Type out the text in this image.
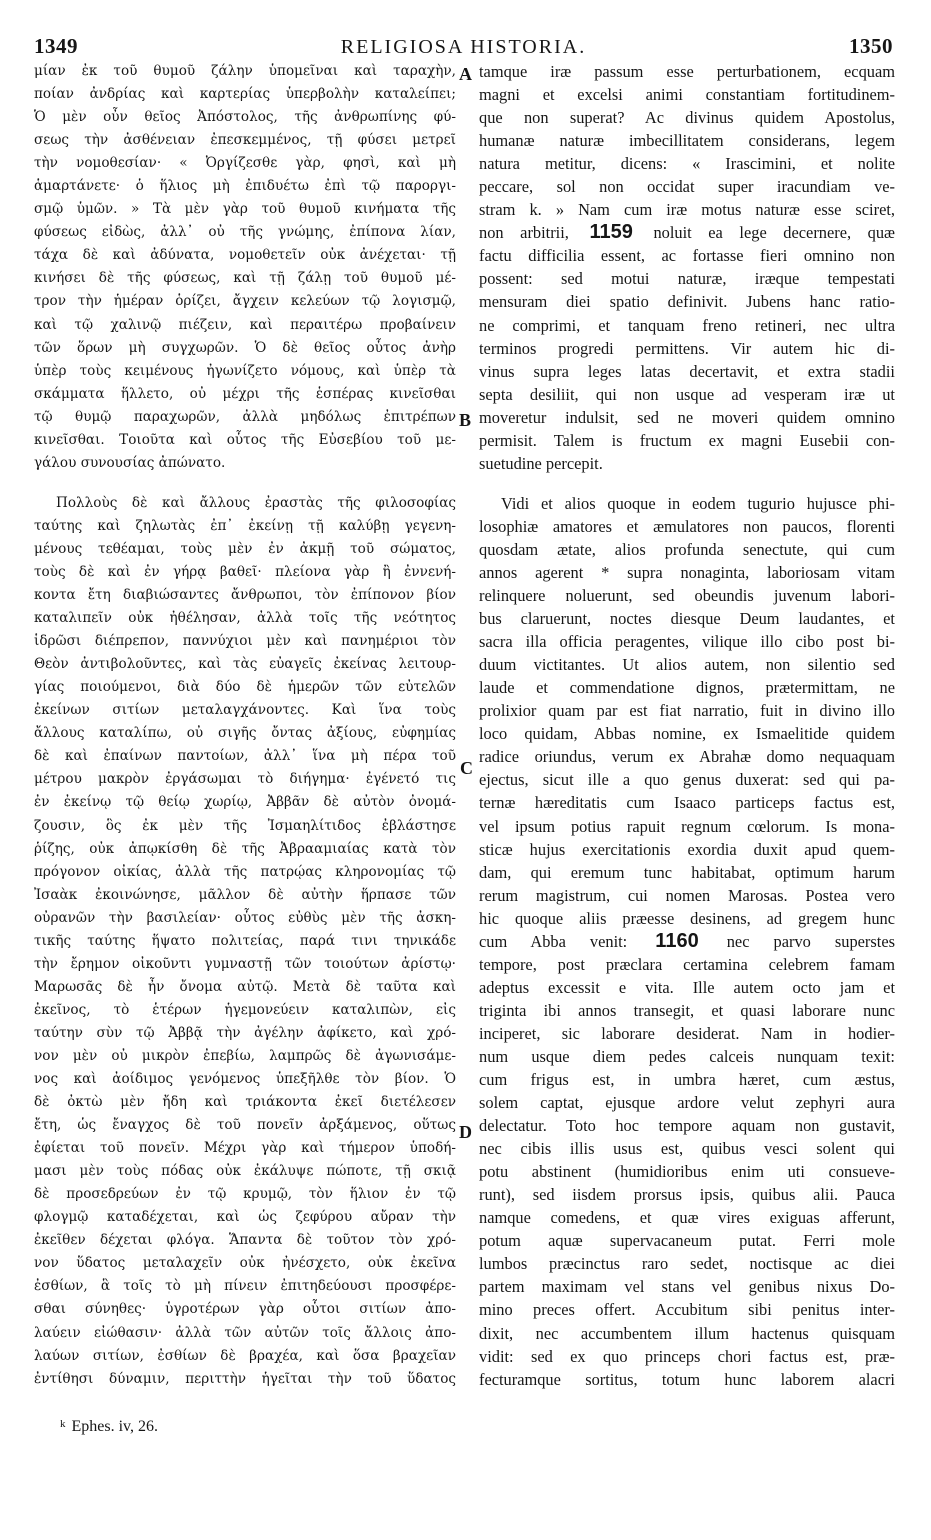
1349	RELIGIOSA HISTORIA.	1350
A
B
C
D
μίαν ἐκ τοῦ θυμοῦ ζάλην ὑπομεῖναι καὶ ταραχὴν,
ποίαν ἀνδρίας καὶ καρτερίας ὑπερβολὴν καταλείπει;
Ὁ μὲν οὖν θεῖος Ἀπόστολος, τῆς ἀνθρωπίνης φύ-
σεως τὴν ἀσθένειαν ἐπεσκεμμένος, τῇ φύσει μετρεῖ
τὴν νομοθεσίαν· « Ὀργίζεσθε γὰρ, φησὶ, καὶ μὴ
ἁμαρτάνετε· ὁ ἥλιος μὴ ἐπιδυέτω ἐπὶ τῷ παροργι-
σμῷ ὑμῶν. » Τὰ μὲν γὰρ τοῦ θυμοῦ κινήματα τῆς
φύσεως εἰδὼς, ἀλλ᾽ οὐ τῆς γνώμης, ἐπίπονα λίαν,
τάχα δὲ καὶ ἀδύνατα, νομοθετεῖν οὐκ ἀνέχεται· τῇ
κινήσει δὲ τῆς φύσεως, καὶ τῇ ζάλῃ τοῦ θυμοῦ μέ-
τρον τὴν ἡμέραν ὁρίζει, ἄγχειν κελεύων τῷ λογισμῷ,
καὶ τῷ χαλινῷ πιέζειν, καὶ περαιτέρω προβαίνειν
τῶν ὅρων μὴ συγχωρῶν. Ὁ δὲ θεῖος οὗτος ἀνὴρ
ὑπὲρ τοὺς κειμένους ἠγωνίζετο νόμους, καὶ ὑπὲρ τὰ
σκάμματα ἥλλετο, οὐ μέχρι τῆς ἑσπέρας κινεῖσθαι
τῷ θυμῷ παραχωρῶν, ἀλλὰ μηδόλως ἐπιτρέπων
κινεῖσθαι. Τοιοῦτα καὶ οὗτος τῆς Εὐσεβίου τοῦ με-
γάλου συνουσίας ἀπώνατο.
Πολλοὺς δὲ καὶ ἄλλους ἐραστὰς τῆς φιλοσοφίας
ταύτης καὶ ζηλωτὰς ἐπ᾽ ἐκείνῃ τῇ καλύβῃ γεγενη-
μένους τεθέαμαι, τοὺς μὲν ἐν ἀκμῇ τοῦ σώματος,
τοὺς δὲ καὶ ἐν γήρᾳ βαθεῖ· πλείονα γὰρ ἢ ἐννενή-
κοντα ἔτη διαβιώσαντες ἄνθρωποι, τὸν ἐπίπονον βίον
καταλιπεῖν οὐκ ἠθέλησαν, ἀλλὰ τοῖς τῆς νεότητος
ἱδρῶσι διέπρεπον, παννύχιοι μὲν καὶ πανημέριοι τὸν
Θεὸν ἀντιβολοῦντες, καὶ τὰς εὐαγεῖς ἐκείνας λειτουρ-
γίας ποιούμενοι, διὰ δύο δὲ ἡμερῶν τῶν εὐτελῶν
ἐκείνων σιτίων μεταλαγχάνοντες. Καὶ ἵνα τοὺς
ἄλλους καταλίπω, οὐ σιγῆς ὄντας ἀξίους, εὐφημίας
δὲ καὶ ἐπαίνων παντοίων, ἀλλ᾽ ἵνα μὴ πέρα τοῦ
μέτρου μακρὸν ἐργάσωμαι τὸ διήγημα· ἐγένετό τις
ἐν ἐκείνῳ τῷ θείῳ χωρίῳ, Ἀββᾶν δὲ αὐτὸν ὀνομά-
ζουσιν, ὃς ἐκ μὲν τῆς Ἰσμαηλίτιδος ἐβλάστησε
ῥίζης, οὐκ ἀπῳκίσθη δὲ τῆς Ἀβρααμιαίας κατὰ τὸν
πρόγονον οἰκίας, ἀλλὰ τῆς πατρῴας κληρονομίας τῷ
Ἰσαὰκ ἐκοινώνησε, μᾶλλον δὲ αὐτὴν ἥρπασε τῶν
οὐρανῶν τὴν βασιλείαν· οὗτος εὐθὺς μὲν τῆς ἀσκη-
τικῆς ταύτης ἥψατο πολιτείας, παρά τινι τηνικάδε
τὴν ἔρημον οἰκοῦντι γυμναστῇ τῶν τοιούτων ἀρίστῳ·
Μαρωσᾶς δὲ ἦν ὄνομα αὐτῷ. Μετὰ δὲ ταῦτα καὶ
ἐκεῖνος, τὸ ἑτέρων ἡγεμονεύειν καταλιπὼν, εἰς
ταύτην σὺν τῷ Ἀββᾷ τὴν ἀγέλην ἀφίκετο, καὶ χρό-
νον μὲν οὐ μικρὸν ἐπεβίω, λαμπρῶς δὲ ἀγωνισάμε-
νος καὶ ἀοίδιμος γενόμενος ὑπεξῆλθε τὸν βίον. Ὁ
δὲ ὀκτὼ μὲν ἤδη καὶ τριάκοντα ἐκεῖ διετέλεσεν
ἔτη, ὡς ἔναγχος δὲ τοῦ πονεῖν ἀρξάμενος, οὕτως
ἐφίεται τοῦ πονεῖν. Μέχρι γὰρ καὶ τήμερον ὑποδή-
μασι μὲν τοὺς πόδας οὐκ ἐκάλυψε πώποτε, τῇ σκιᾷ
δὲ προσεδρεύων ἐν τῷ κρυμῷ, τὸν ἥλιον ἐν τῷ
φλογμῷ καταδέχεται, καὶ ὡς ζεφύρου αὔραν τὴν
ἐκεῖθεν δέχεται φλόγα. Ἅπαντα δὲ τοῦτον τὸν χρό-
νον ὕδατος μεταλαχεῖν οὐκ ἠνέσχετο, οὐκ ἐκεῖνα
ἐσθίων, ἃ τοῖς τὸ μὴ πίνειν ἐπιτηδεύουσι προσφέρε-
σθαι σύνηθες· ὑγροτέρων γὰρ οὗτοι σιτίων ἀπο-
λαύειν εἰώθασιν· ἀλλὰ τῶν αὐτῶν τοῖς ἄλλοις ἀπο-
λαύων σιτίων, ἐσθίων δὲ βραχέα, καὶ ὅσα βραχεῖαν
ἐντίθησι δύναμιν, περιττὴν ἡγεῖται τὴν τοῦ ὕδατος
tamque iræ passum esse perturbationem, ecquam
magni et excelsi animi constantiam fortitudinem-
que non superat? Ac divinus quidem Apostolus,
humanæ naturæ imbecillitatem considerans, legem
natura metitur, dicens: « Irascimini, et nolite
peccare, sol non occidat super iracundiam ve-
stram k. » Nam cum iræ motus naturæ esse sciret,
non arbitrii, 1159 noluit ea lege decernere, quæ
factu difficilia essent, ac fortasse fieri omnino non
possent: sed motui naturæ, iræque tempestati
mensuram diei spatio definivit. Jubens hanc ratio-
ne comprimi, et tanquam freno retineri, nec ultra
terminos progredi permittens. Vir autem hic di-
vinus supra leges latas decertavit, et extra stadii
septa desiliit, qui non usque ad vesperam iræ ut
moveretur indulsit, sed ne moveri quidem omnino
permisit. Talem is fructum ex magni Eusebii con-
suetudine percepit.
Vidi et alios quoque in eodem tugurio hujusce phi-
losophiæ amatores et æmulatores non paucos, florenti
quosdam ætate, alios profunda senectute, qui cum
annos agerent * supra nonaginta, laboriosam vitam
relinquere noluerunt, sed obeundis juvenum labori-
bus claruerunt, noctes diesque Deum laudantes, et
sacra illa officia peragentes, vilique illo cibo post bi-
duum victitantes. Ut alios autem, non silentio sed
laude et commendatione dignos, prætermittam, ne
prolixior quam par est fiat narratio, fuit in divino illo
loco quidam, Abbas nomine, ex Ismaelitide quidem
radice oriundus, verum ex Abrahæ domo nequaquam
ejectus, sicut ille a quo genus duxerat: sed qui pa-
ternæ hæreditatis cum Isaaco particeps factus est,
vel ipsum potius rapuit regnum cœlorum. Is mona-
sticæ hujus exercitationis exordia duxit apud quem-
dam, qui eremum tunc habitabat, optimum harum
rerum magistrum, cui nomen Marosas. Postea vero
hic quoque aliis præesse desinens, ad gregem hunc
cum Abba venit: 1160 nec parvo superstes
tempore, post præclara certamina celebrem famam
adeptus excessit e vita. Ille autem octo jam et
triginta ibi annos transegit, et quasi laborare nunc
inciperet, sic laborare desiderat. Nam in hodier-
num usque diem pedes calceis nunquam texit:
cum frigus est, in umbra hæret, cum æstus,
solem captat, ejusque ardore velut zephyri aura
delectatur. Toto hoc tempore aquam non gustavit,
nec cibis illis usus est, quibus vesci solent qui
potu abstinent (humidioribus enim uti consueve-
runt), sed iisdem prorsus ipsis, quibus alii. Pauca
namque comedens, et quæ vires exiguas afferunt,
potum aquæ supervacaneum putat. Ferri mole
lumbos præcinctus raro sedet, noctisque ac diei
partem maximam vel stans vel genibus nixus Do-
mino preces offert. Accubitum sibi penitus inter-
dixit, nec accumbentem illum hactenus quisquam
vidit: sed ex quo princeps chori factus est, præ-
fecturamque sortitus, totum hunc laborem alacri
$^k$ Ephes. iv, 26.
